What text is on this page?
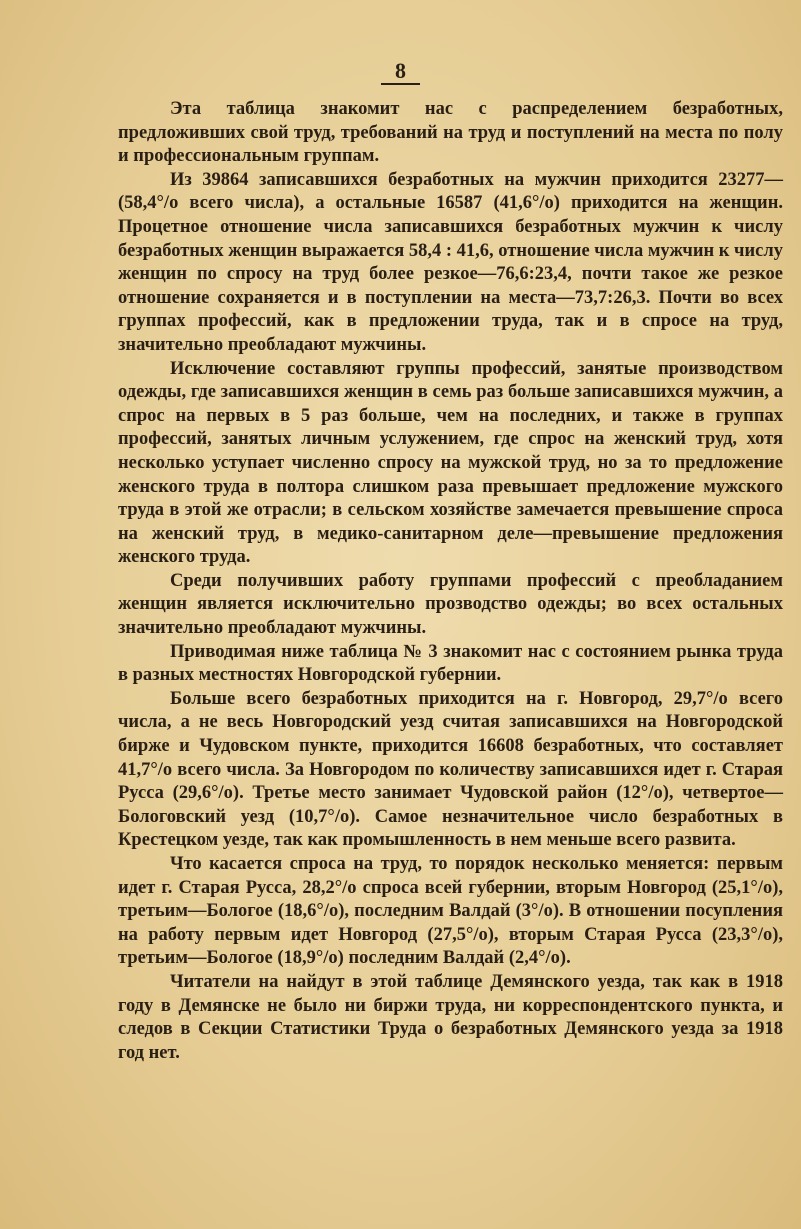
8

Эта таблица знакомит нас с распределением безработных, предложивших свой труд, требований на труд и поступлений на места по полу и профессиональным группам.

Из 39864 записавшихся безработных на мужчин приходится 23277—(58,4°/о всего числа), а остальные 16587 (41,6°/о) приходится на женщин. Процетное отношение числа записавшихся безработных мужчин к числу безработных женщин выражается 58,4 : 41,6, отношение числа мужчин к числу женщин по спросу на труд более резкое—76,6:23,4, почти такое же резкое отношение сохраняется и в поступлении на места—73,7:26,3. Почти во всех группах профессий, как в предложении труда, так и в спросе на труд, значительно преобладают мужчины.

Исключение составляют группы профессий, занятые производством одежды, где записавшихся женщин в семь раз больше записавшихся мужчин, а спрос на первых в 5 раз больше, чем на последних, и также в группах профессий, занятых личным услужением, где спрос на женский труд, хотя несколько уступает численно спросу на мужской труд, но за то предложение женского труда в полтора слишком раза превышает предложение мужского труда в этой же отрасли; в сельском хозяйстве замечается превышение спроса на женский труд, в медико-санитарном деле—превышение предложения женского труда.

Среди получивших работу группами профессий с преобладанием женщин является исключительно прозводство одежды; во всех остальных значительно преобладают мужчины.

Приводимая ниже таблица № 3 знакомит нас с состоянием рынка труда в разных местностях Новгородской губернии.

Больше всего безработных приходится на г. Новгород, 29,7°/о всего числа, а не весь Новгородский уезд считая записавшихся на Новгородской бирже и Чудовском пункте, приходится 16608 безработных, что составляет 41,7°/о всего числа. За Новгородом по количеству записавшихся идет г. Старая Русса (29,6°/о). Третье место занимает Чудовской район (12°/о), четвертое—Бологовский уезд (10,7°/о). Самое незначительное число безработных в Крестецком уезде, так как промышленность в нем меньше всего развита.

Что касается спроса на труд, то порядок несколько меняется: первым идет г. Старая Русса, 28,2°/о спроса всей губернии, вторым Новгород (25,1°/о), третьим—Бологое (18,6°/о), последним Валдай (3°/о). В отношении посупления на работу первым идет Новгород (27,5°/о), вторым Старая Русса (23,3°/о), третьим—Бологое (18,9°/о) последним Валдай (2,4°/о).

Читатели на найдут в этой таблице Демянского уезда, так как в 1918 году в Демянске не было ни биржи труда, ни корреспондентского пункта, и следов в Секции Статистики Труда о безработных Демянского уезда за 1918 год нет.
